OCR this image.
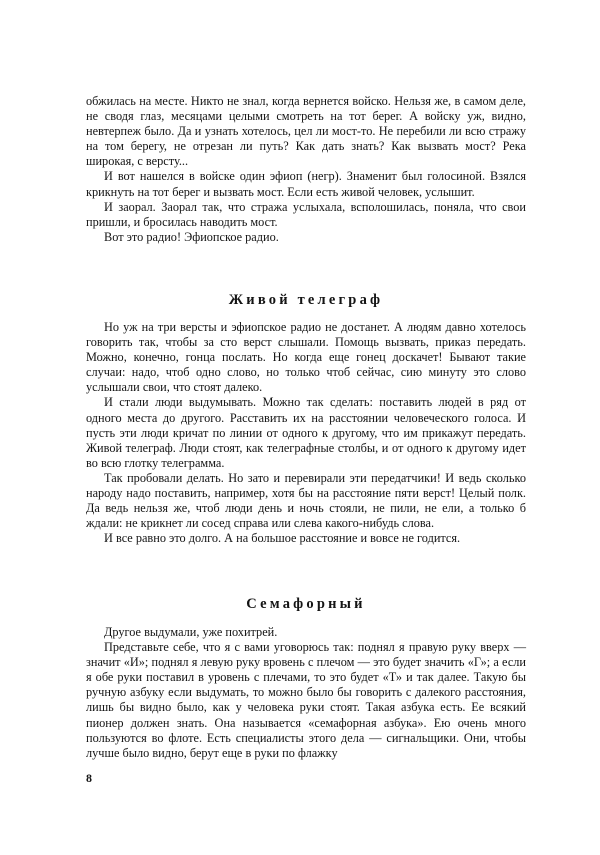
обжилась на месте. Никто не знал, когда вернется войско. Нельзя же, в самом деле, не сводя глаз, месяцами целыми смотреть на тот берег. А войску уж, видно, невтерпеж было. Да и узнать хотелось, цел ли мост-то. Не перебили ли всю стражу на том берегу, не отрезан ли путь? Как дать знать? Как вызвать мост? Река широкая, с версту...

И вот нашелся в войске один эфиоп (негр). Знаменит был голосиной. Взялся крикнуть на тот берег и вызвать мост. Если есть живой человек, услышит.

И заорал. Заорал так, что стража услыхала, всполошилась, поняла, что свои пришли, и бросилась наводить мост.

Вот это радио! Эфиопское радио.

Живой телеграф

Но уж на три версты и эфиопское радио не достанет. А людям давно хотелось говорить так, чтобы за сто верст слышали. Помощь вызвать, приказ передать. Можно, конечно, гонца послать. Но когда еще гонец доскачет! Бывают такие случаи: надо, чтоб одно слово, но только чтоб сейчас, сию минуту это слово услышали свои, что стоят далеко.

И стали люди выдумывать. Можно так сделать: поставить людей в ряд от одного места до другого. Расставить их на расстоянии человеческого голоса. И пусть эти люди кричат по линии от одного к другому, что им прикажут передать. Живой телеграф. Люди стоят, как телеграфные столбы, и от одного к другому идет во всю глотку телеграмма.

Так пробовали делать. Но зато и перевирали эти передатчики! И ведь сколько народу надо поставить, например, хотя бы на расстояние пяти верст! Целый полк. Да ведь нельзя же, чтоб люди день и ночь стояли, не пили, не ели, а только б ждали: не крикнет ли сосед справа или слева какого-нибудь слова.

И все равно это долго. А на большое расстояние и вовсе не годится.

Семафорный

Другое выдумали, уже похитрей.

Представьте себе, что я с вами уговорюсь так: поднял я правую руку вверх — значит «И»; поднял я левую руку вровень с плечом — это будет значить «Г»; а если я обе руки поставил в уровень с плечами, то это будет «Т» и так далее. Такую бы ручную азбуку если выдумать, то можно было бы говорить с далекого расстояния, лишь бы видно было, как у человека руки стоят. Такая азбука есть. Ее всякий пионер должен знать. Она называется «семафорная азбука». Ею очень много пользуются во флоте. Есть специалисты этого дела — сигнальщики. Они, чтобы лучше было видно, берут еще в руки по флажку

8
